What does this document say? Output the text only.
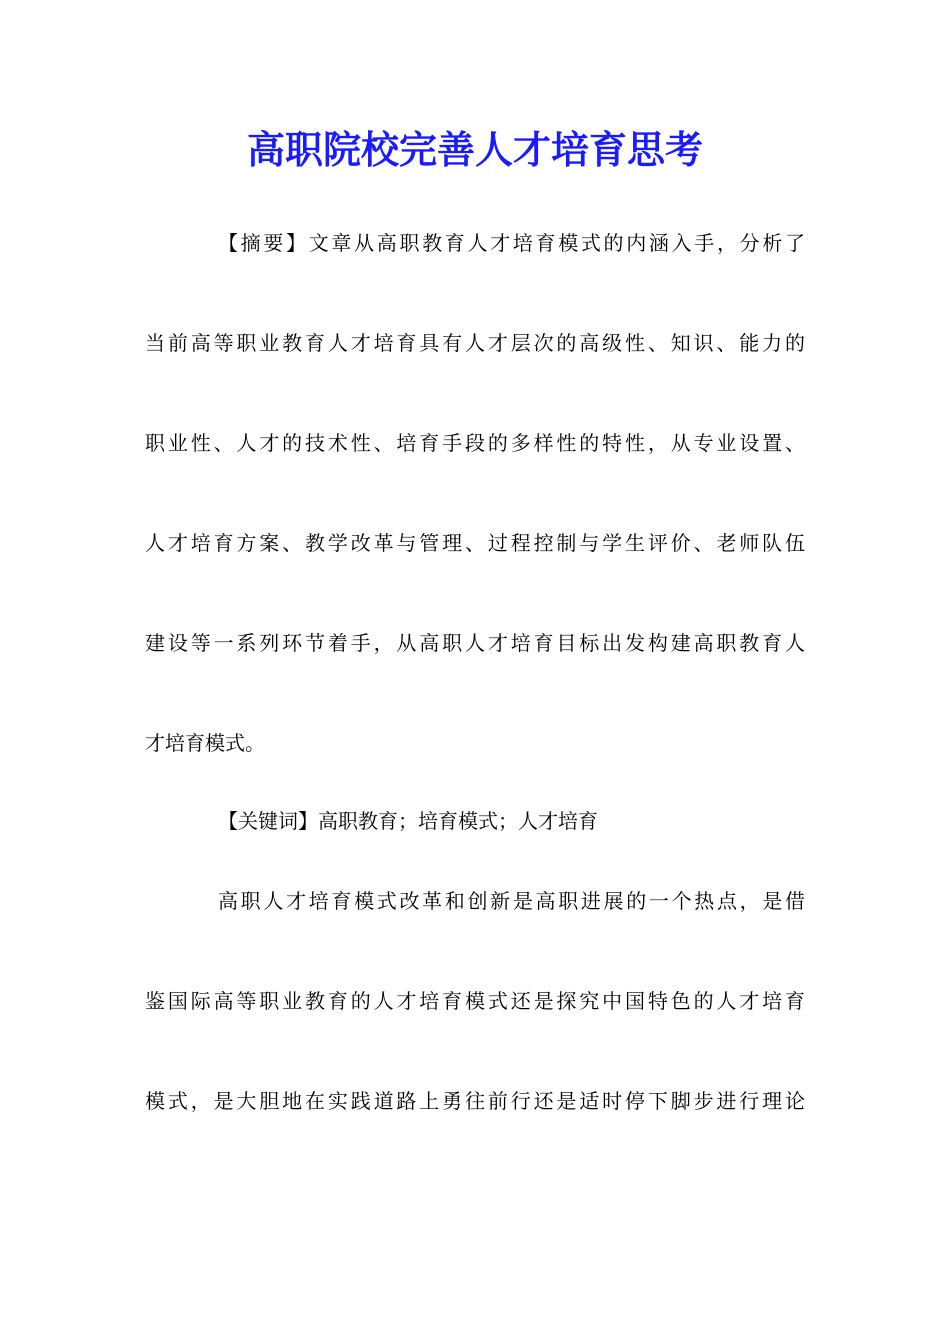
高职院校完善人才培育思考

【摘要】文章从高职教育人才培育模式的内涵入手，分析了

当前高等职业教育人才培育具有人才层次的高级性、知识、能力的

职业性、人才的技术性、培育手段的多样性的特性，从专业设置、

人才培育方案、教学改革与管理、过程控制与学生评价、老师队伍

建设等一系列环节着手，从高职人才培育目标出发构建高职教育人

才培育模式。

【关键词】高职教育；培育模式；人才培育

高职人才培育模式改革和创新是高职进展的一个热点，是借

鉴国际高等职业教育的人才培育模式还是探究中国特色的人才培育

模式，是大胆地在实践道路上勇往前行还是适时停下脚步进行理论
